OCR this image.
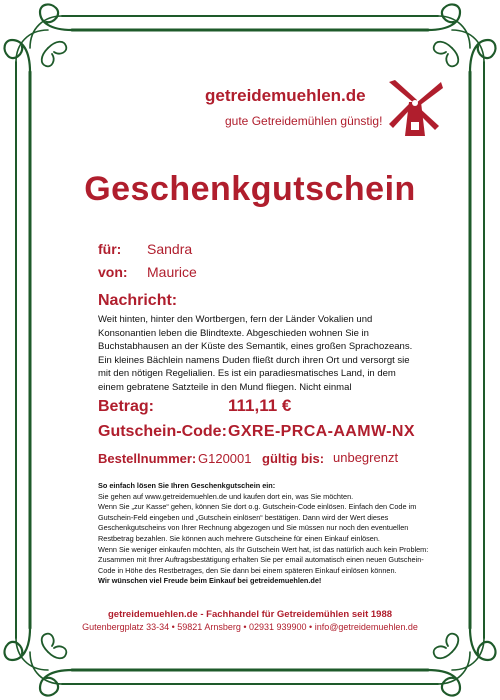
getreidemuehlen.de
gute Getreidemühlen günstig!
Geschenkgutschein
für: Sandra
von: Maurice
Nachricht:
Weit hinten, hinter den Wortbergen, fern der Länder Vokalien und Konsonantien leben die Blindtexte. Abgeschieden wohnen Sie in Buchstabhausen an der Küste des Semantik, eines großen Sprachozeans. Ein kleines Bächlein namens Duden fließt durch ihren Ort und versorgt sie mit den nötigen Regelialien. Es ist ein paradiesmatisches Land, in dem einem gebratene Satzteile in den Mund fliegen. Nicht einmal
Betrag:	111,11 €
Gutschein-Code: GXRE-PRCA-AAMW-NX
Bestellnummer: G120001 gültig bis: unbegrenzt
So einfach lösen Sie Ihren Geschenkgutschein ein:
Sie gehen auf www.getreidemuehlen.de und kaufen dort ein, was Sie möchten.
Wenn Sie „zur Kasse“ gehen, können Sie dort o.g. Gutschein-Code einlösen. Einfach den Code im Gutschein-Feld eingeben und „Gutschein einlösen“ bestätigen. Dann wird der Wert dieses Geschenkgutscheins von Ihrer Rechnung abgezogen und Sie müssen nur noch den eventuellen Restbetrag bezahlen. Sie können auch mehrere Gutscheine für einen Einkauf einlösen.
Wenn Sie weniger einkaufen möchten, als Ihr Gutschein Wert hat, ist das natürlich auch kein Problem: Zusammen mit Ihrer Auftragsbestätigung erhalten Sie per email automatisch einen neuen Gutschein-Code in Höhe des Restbetrages, den Sie dann bei einem späteren Einkauf einlösen können.
Wir wünschen viel Freude beim Einkauf bei getreidemuehlen.de!
getreidemuehlen.de - Fachhandel für Getreidemühlen seit 1988
Gutenbergplatz 33-34 • 59821 Arnsberg • 02931 939900 • info@getreidemuehlen.de
